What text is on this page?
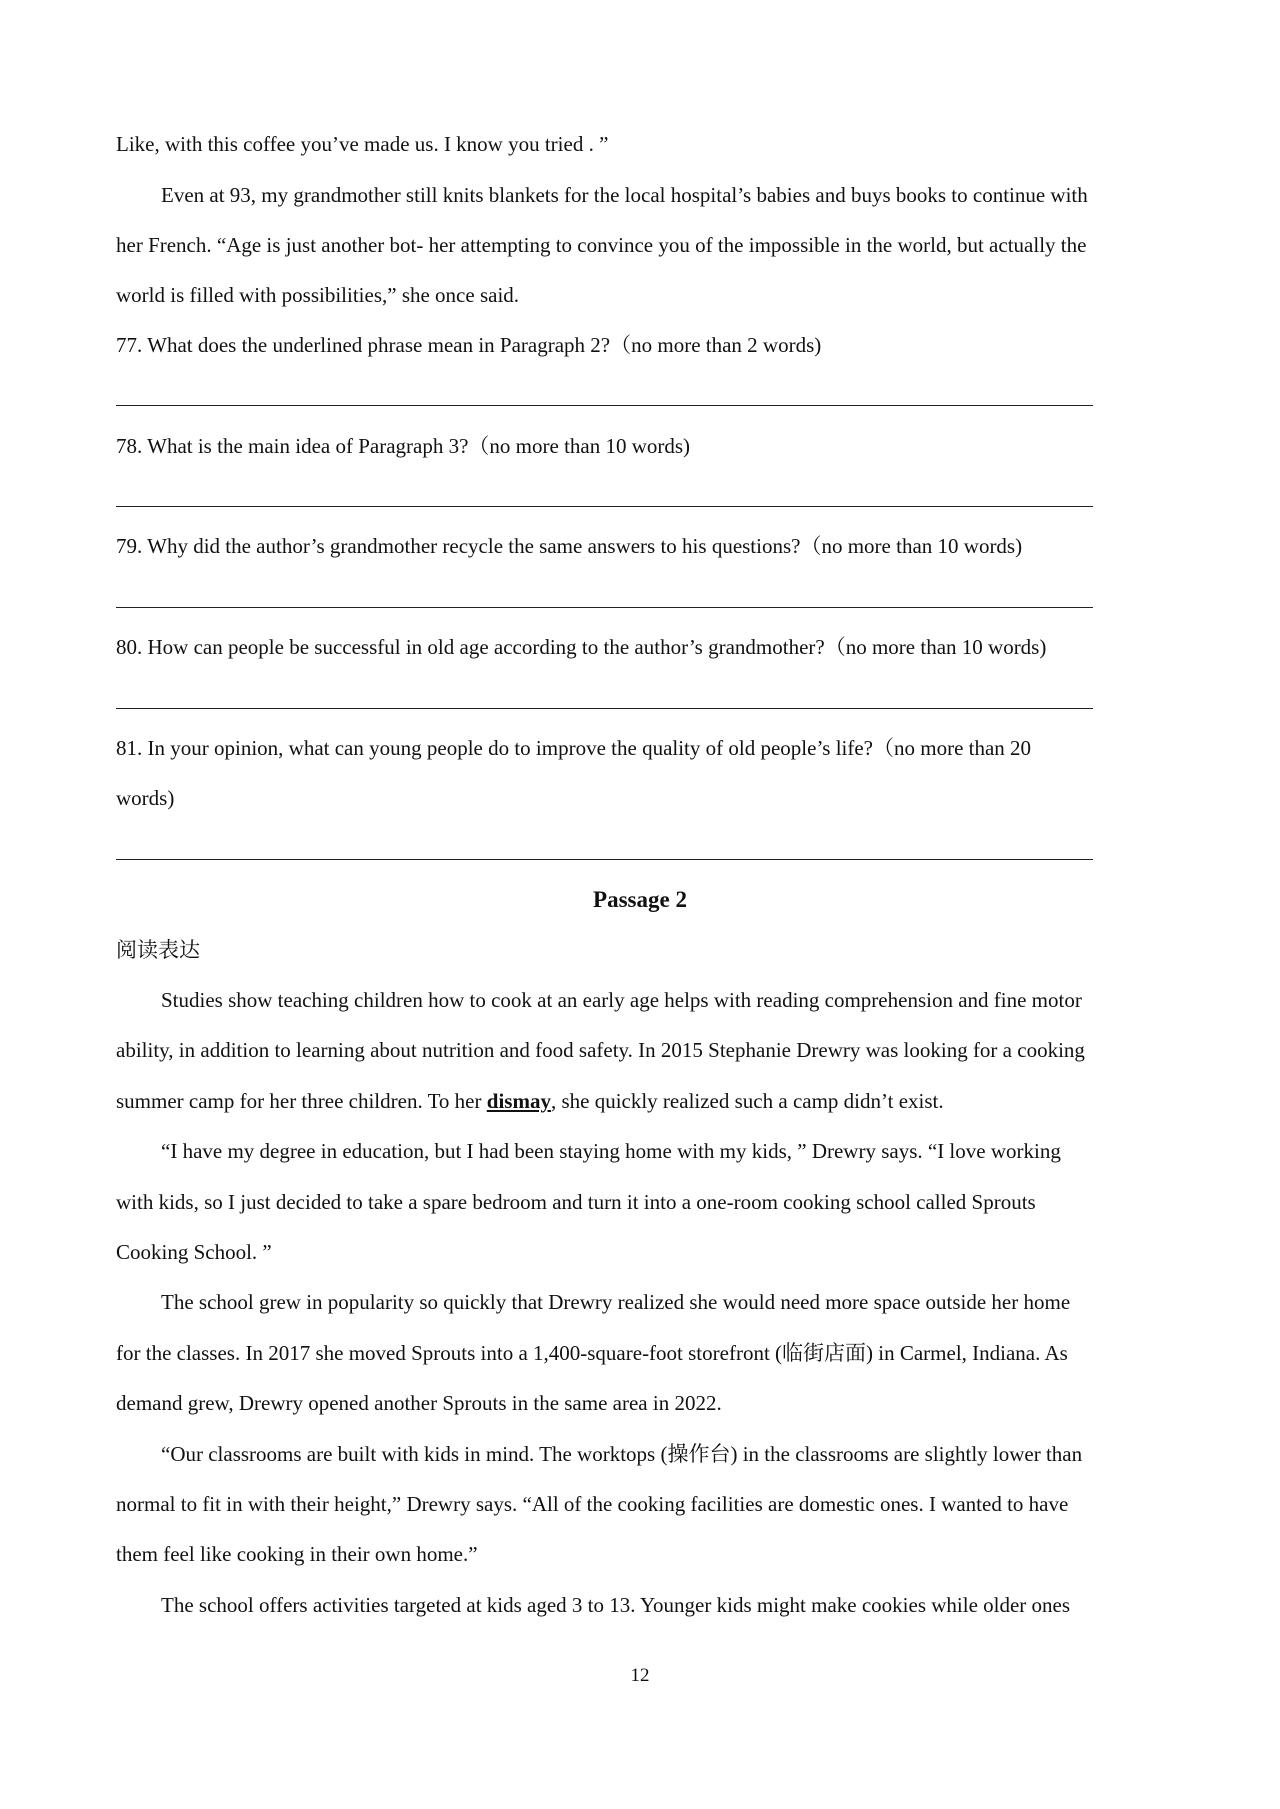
Like, with this coffee you’ve made us. I know you tried . ”
Even at 93, my grandmother still knits blankets for the local hospital’s babies and buys books to continue with
her French. “Age is just another bot- her attempting to convince you of the impossible in the world, but actually the
world is filled with possibilities,” she once said.
77. What does the underlined phrase mean in Paragraph 2?（no more than 2 words)
78. What is the main idea of Paragraph 3?（no more than 10 words)
79. Why did the author’s grandmother recycle the same answers to his questions?（no more than 10 words)
80. How can people be successful in old age according to the author’s grandmother?（no more than 10 words)
81. In your opinion, what can young people do to improve the quality of old people’s life?（no more than 20
words)
Passage 2
阅读表达
Studies show teaching children how to cook at an early age helps with reading comprehension and fine motor
ability, in addition to learning about nutrition and food safety. In 2015 Stephanie Drewry was looking for a cooking
summer camp for her three children. To her dismay, she quickly realized such a camp didn’t exist.
“I have my degree in education, but I had been staying home with my kids, ” Drewry says. “I love working
with kids, so I just decided to take a spare bedroom and turn it into a one-room cooking school called Sprouts
Cooking School. ”
The school grew in popularity so quickly that Drewry realized she would need more space outside her home
for the classes. In 2017 she moved Sprouts into a 1,400-square-foot storefront (临街店面) in Carmel, Indiana. As
demand grew, Drewry opened another Sprouts in the same area in 2022.
“Our classrooms are built with kids in mind. The worktops (操作台) in the classrooms are slightly lower than
normal to fit in with their height,” Drewry says. “All of the cooking facilities are domestic ones. I wanted to have
them feel like cooking in their own home.”
The school offers activities targeted at kids aged 3 to 13. Younger kids might make cookies while older ones
12
